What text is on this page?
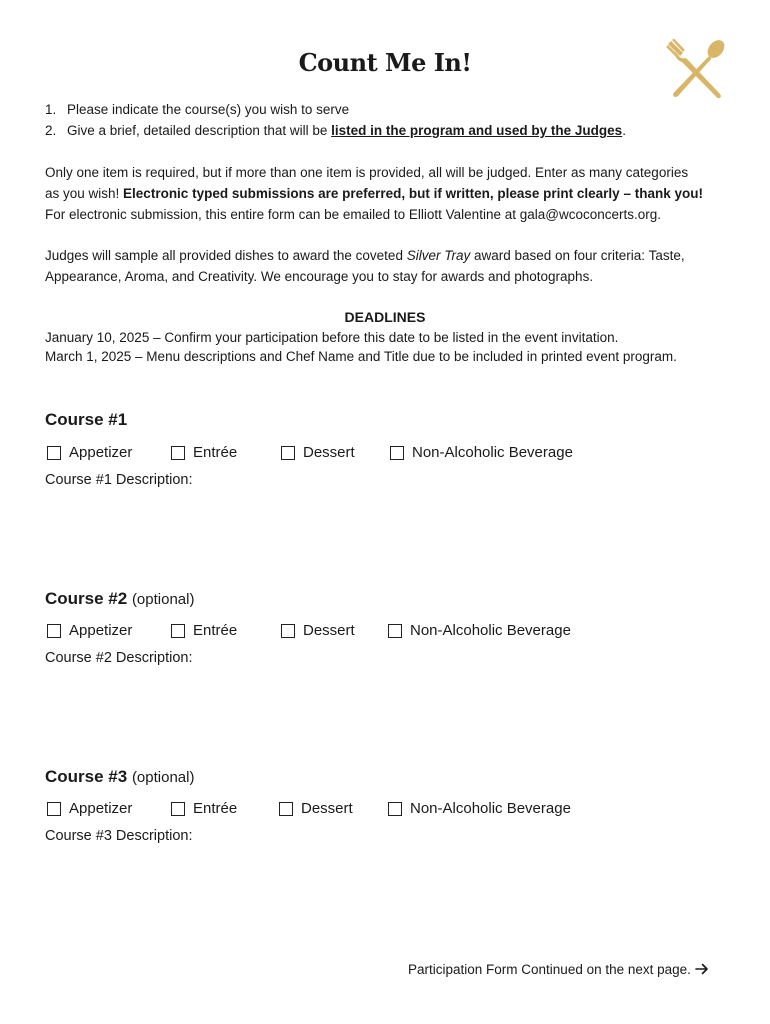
Count Me In!
1. Please indicate the course(s) you wish to serve
2. Give a brief, detailed description that will be listed in the program and used by the Judges.
Only one item is required, but if more than one item is provided, all will be judged. Enter as many categories
as you wish! Electronic typed submissions are preferred, but if written, please print clearly – thank you!
For electronic submission, this entire form can be emailed to Elliott Valentine at gala@wcoconcerts.org.
Judges will sample all provided dishes to award the coveted Silver Tray award based on four criteria: Taste,
Appearance, Aroma, and Creativity. We encourage you to stay for awards and photographs.
DEADLINES
January 10, 2025 – Confirm your participation before this date to be listed in the event invitation.
March 1, 2025 – Menu descriptions and Chef Name and Title due to be included in printed event program.
Course #1
Appetizer	Entrée	Dessert	Non-Alcoholic Beverage
Course #1 Description:
Course #2 (optional)
Appetizer	Entrée	Dessert	Non-Alcoholic Beverage
Course #2 Description:
Course #3 (optional)
Appetizer	Entrée	Dessert	Non-Alcoholic Beverage
Course #3 Description:
Participation Form Continued on the next page.
